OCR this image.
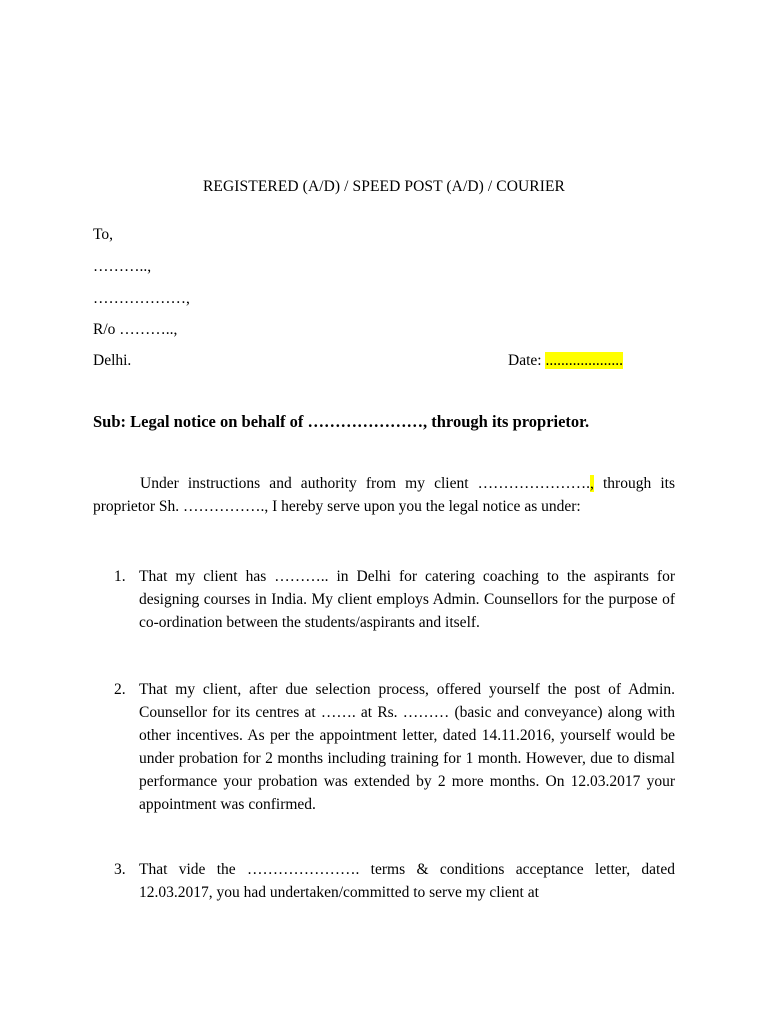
REGISTERED (A/D) / SPEED POST (A/D) / COURIER
To,
………..,
………………,
R/o ………..,
Delhi.	Date: ....................
Sub: Legal notice on behalf of …………………, through its proprietor.

Under instructions and authority from my client …………………., through its proprietor Sh. ……………., I hereby serve upon you the legal notice as under:

1. That my client has ……….. in Delhi for catering coaching to the aspirants for designing courses in India. My client employs Admin. Counsellors for the purpose of co-ordination between the students/aspirants and itself.
2. That my client, after due selection process, offered yourself the post of Admin. Counsellor for its centres at ……. at Rs. ……… (basic and conveyance) along with other incentives. As per the appointment letter, dated 14.11.2016, yourself would be under probation for 2 months including training for 1 month. However, due to dismal performance your probation was extended by 2 more months. On 12.03.2017 your appointment was confirmed.
3. That vide the …………………. terms & conditions acceptance letter, dated 12.03.2017, you had undertaken/committed to serve my client at
